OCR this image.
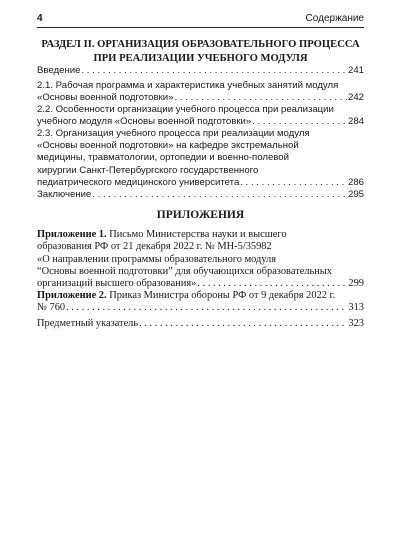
4	Содержание
РАЗДЕЛ II. ОРГАНИЗАЦИЯ ОБРАЗОВАТЕЛЬНОГО ПРОЦЕССА
ПРИ РЕАЛИЗАЦИИ УЧЕБНОГО МОДУЛЯ
Введение . . .	241
2.1. Рабочая программа и характеристика учебных занятий модуля
«Основы военной подготовки» . . .	242
2.2. Особенности организации учебного процесса при реализации
учебного модуля «Основы военной подготовки» . . .	284
2.3. Организация учебного процесса при реализации модуля
«Основы военной подготовки» на кафедре экстремальной
медицины, травматологии, ортопедии и военно-полевой
хирургии Санкт-Петербургского государственного
педиатрического медицинского университета . . .	286
Заключение . . .	295
ПРИЛОЖЕНИЯ
Приложение 1. Письмо Министерства науки и высшего
образования РФ от 21 декабря 2022 г. № МН-5/35982
«О направлении программы образовательного модуля
“Основы военной подготовки” для обучающихся образовательных
организаций высшего образования» . . .	299
Приложение 2. Приказ Министра обороны РФ от 9 декабря 2022 г.
№ 760 . . .	313
Предметный указатель . . .	323
